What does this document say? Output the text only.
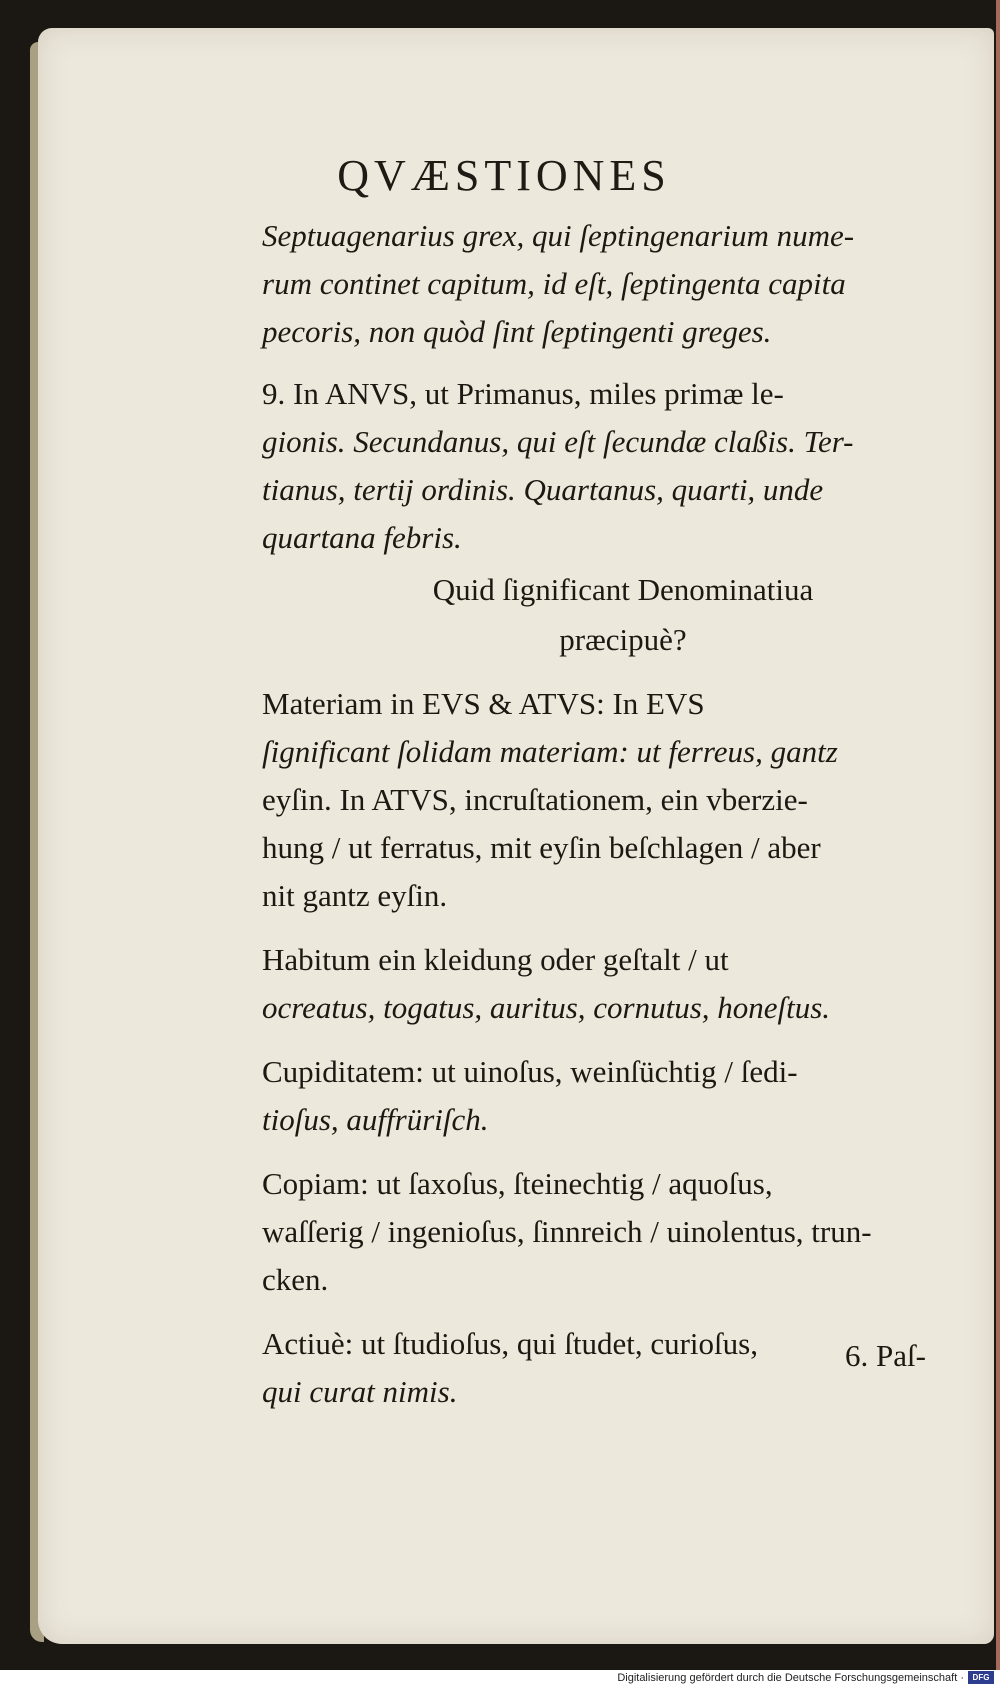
QVÆSTIONES

Septuagenarius grex, qui ſeptingenarium nume-

rum continet capitum, id eſt, ſeptingenta capita

pecoris, non quòd ſint ſeptingenti greges.

9. In ANVS, ut Primanus, miles primæ le-

gionis. Secundanus, qui eſt ſecundæ claßis. Ter-

tianus, tertij ordinis. Quartanus, quarti, unde

quartana febris.

Quid ſignificant Denominatiua
præcipuè?

Materiam in EVS & ATVS: In EVS
ſignificant ſolidam materiam: ut ferreus, gantz
eyſin. In ATVS, incruſtationem, ein vberzie-
hung / ut ferratus, mit eyſin beſchlagen / aber
nit gantz eyſin.

Habitum ein kleidung oder geſtalt / ut
ocreatus, togatus, auritus, cornutus, honeſtus.

Cupiditatem: ut uinoſus, weinſüchtig / ſedi-
tioſus, auffrüriſch.

Copiam: ut ſaxoſus, ſteinechtig / aquoſus,
waſſerig / ingenioſus, ſinnreich / uinolentus, trun-
cken.

Actiuè: ut ſtudioſus, qui ſtudet, curioſus,
qui curat nimis.

6. Paſ-
Digitalisierung gefördert durch die Deutsche Forschungsgemeinschaft ·	DFG
